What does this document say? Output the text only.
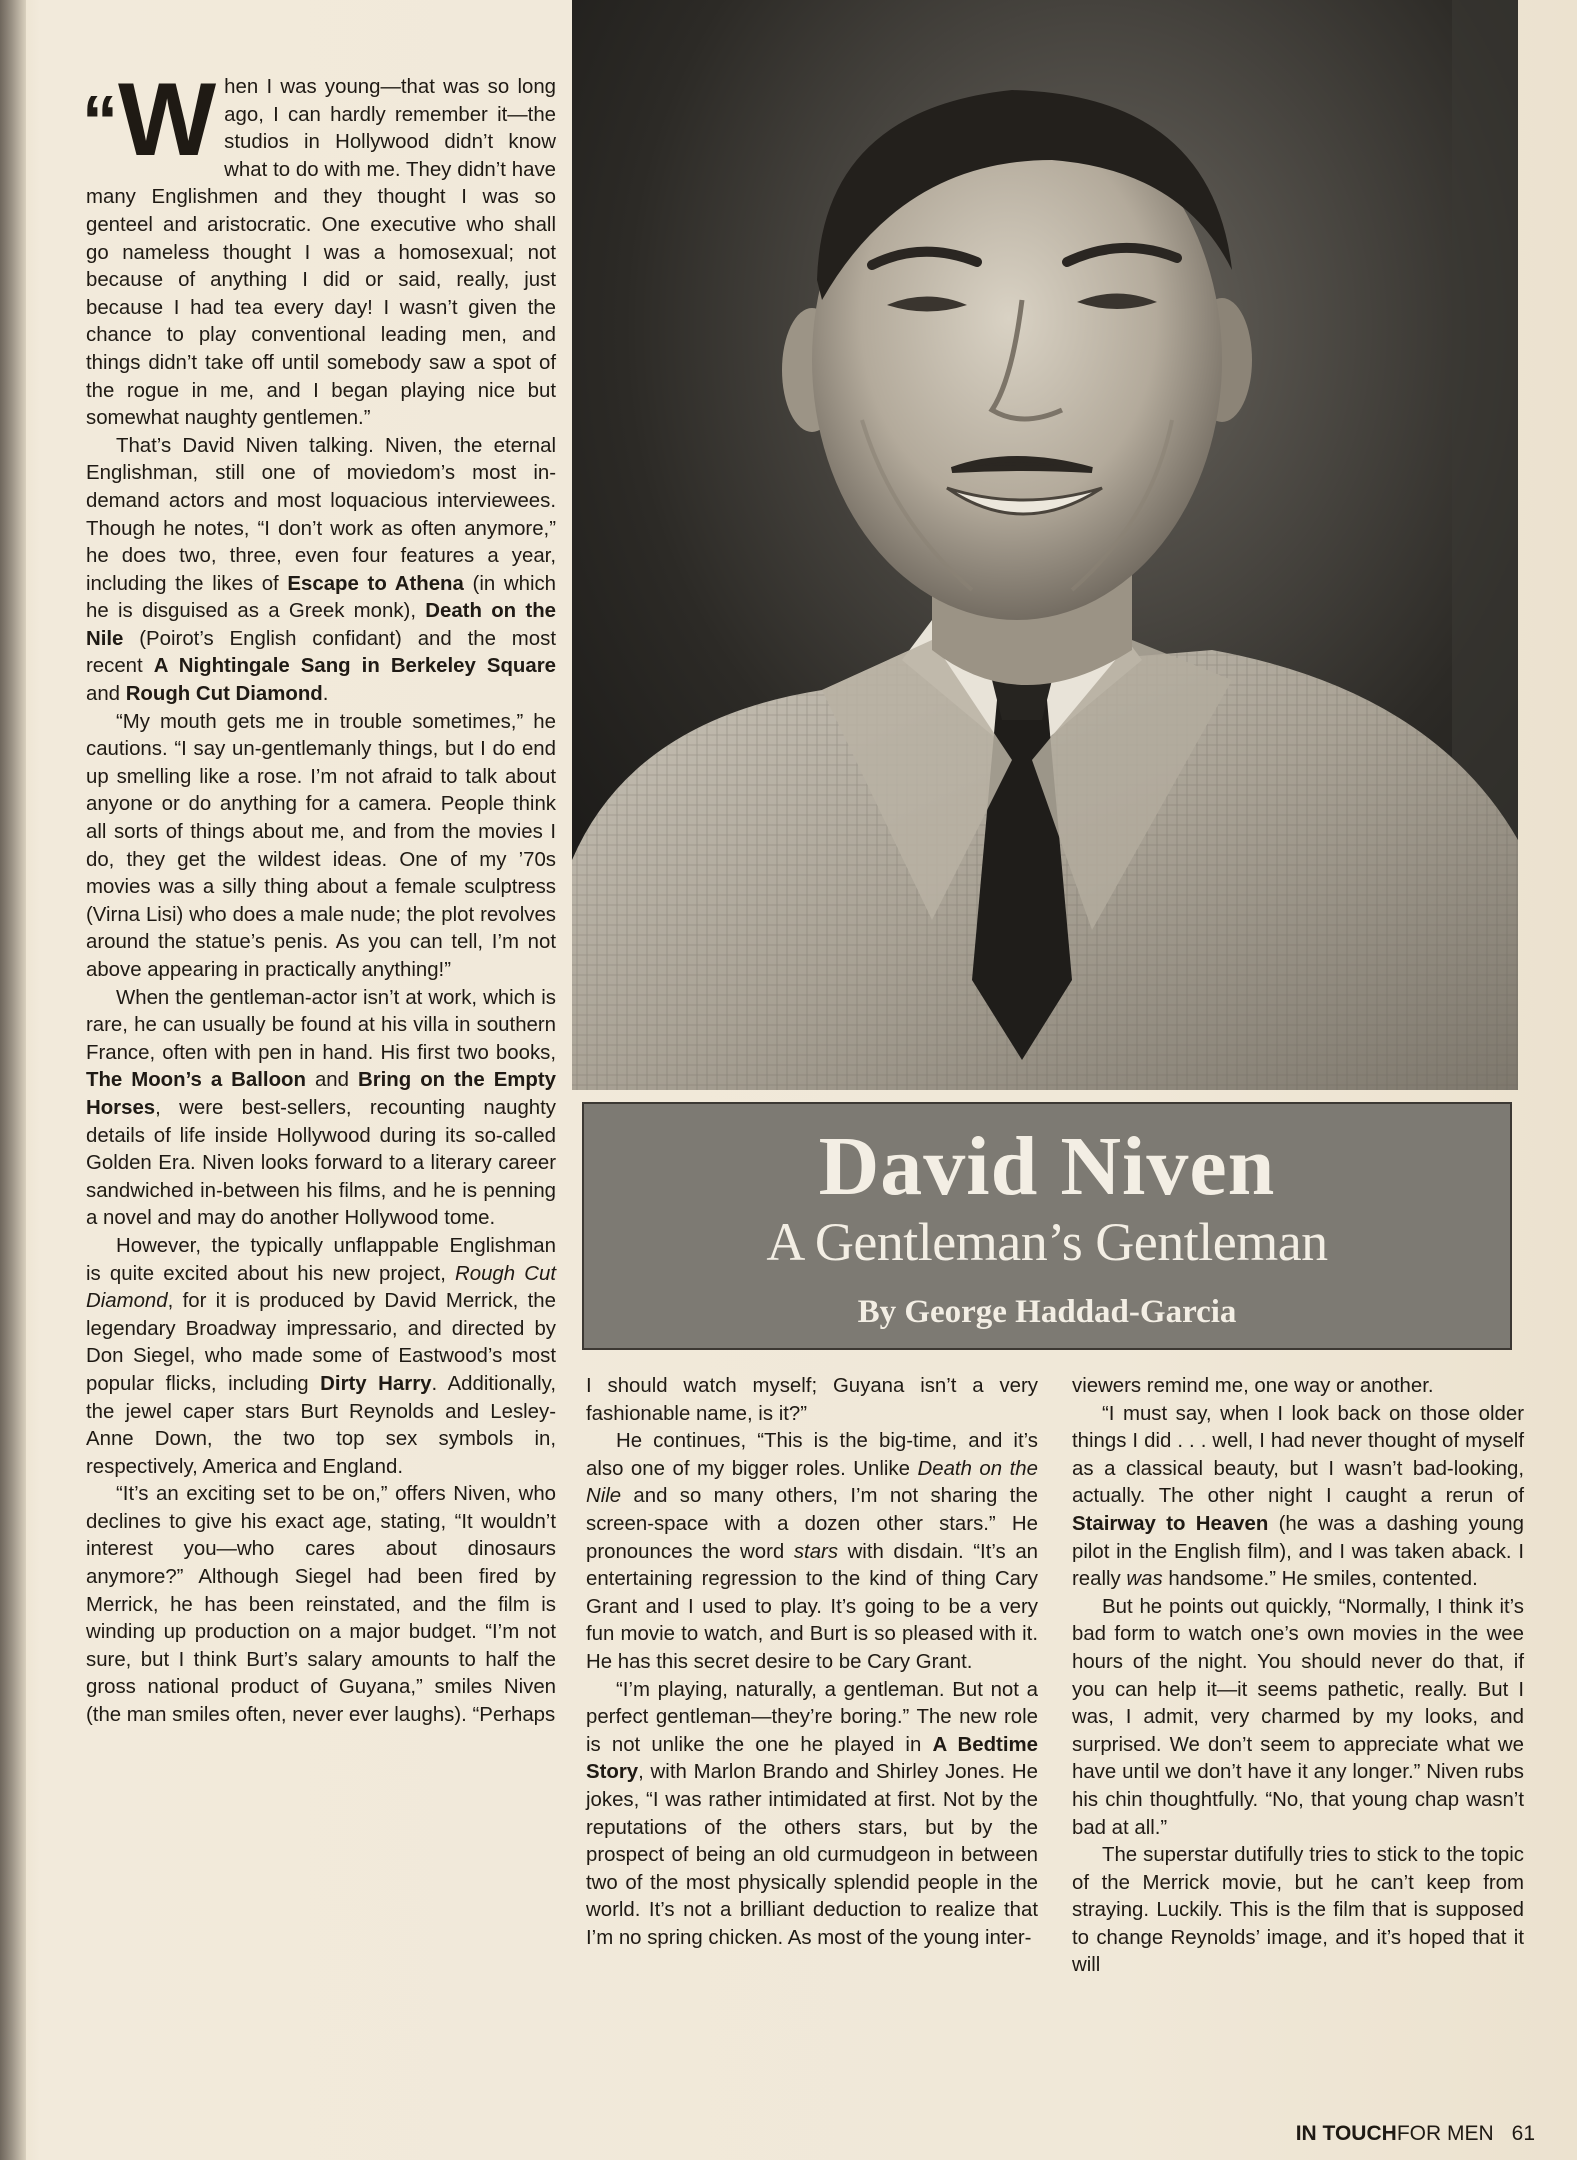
“W hen I was young—that was so long ago, I can hardly remember it—the studios in Hollywood didn’t know what to do with me. They didn’t have many Englishmen and they thought I was so genteel and aristocratic. One executive who shall go nameless thought I was a homosexual; not because of anything I did or said, really, just because I had tea every day! I wasn’t given the chance to play conventional leading men, and things didn’t take off until somebody saw a spot of the rogue in me, and I began playing nice but somewhat naughty gentlemen.”

That’s David Niven talking. Niven, the eternal Englishman, still one of moviedom’s most in-demand actors and most loquacious interviewees. Though he notes, “I don’t work as often anymore,” he does two, three, even four features a year, including the likes of Escape to Athena (in which he is disguised as a Greek monk), Death on the Nile (Poirot’s English confidant) and the most recent A Nightingale Sang in Berkeley Square and Rough Cut Diamond.

“My mouth gets me in trouble sometimes,” he cautions. “I say un-gentlemanly things, but I do end up smelling like a rose. I’m not afraid to talk about anyone or do anything for a camera. People think all sorts of things about me, and from the movies I do, they get the wildest ideas. One of my ’70s movies was a silly thing about a female sculptress (Virna Lisi) who does a male nude; the plot revolves around the statue’s penis. As you can tell, I’m not above appearing in practically anything!”

When the gentleman-actor isn’t at work, which is rare, he can usually be found at his villa in southern France, often with pen in hand. His first two books, The Moon’s a Balloon and Bring on the Empty Horses, were best-sellers, recounting naughty details of life inside Hollywood during its so-called Golden Era. Niven looks forward to a literary career sandwiched in-between his films, and he is penning a novel and may do another Hollywood tome.

However, the typically unflappable Englishman is quite excited about his new project, Rough Cut Diamond, for it is produced by David Merrick, the legendary Broadway impressario, and directed by Don Siegel, who made some of Eastwood’s most popular flicks, including Dirty Harry. Additionally, the jewel caper stars Burt Reynolds and Lesley-Anne Down, the two top sex symbols in, respectively, America and England.

“It’s an exciting set to be on,” offers Niven, who declines to give his exact age, stating, “It wouldn’t interest you—who cares about dinosaurs anymore?” Although Siegel had been fired by Merrick, he has been reinstated, and the film is winding up production on a major budget. “I’m not sure, but I think Burt’s salary amounts to half the gross national product of Guyana,” smiles Niven (the man smiles often, never ever laughs). “Perhaps

David Niven
A Gentleman’s Gentleman
By George Haddad-Garcia

I should watch myself; Guyana isn’t a very fashionable name, is it?”

He continues, “This is the big-time, and it’s also one of my bigger roles. Unlike Death on the Nile and so many others, I’m not sharing the screen-space with a dozen other stars.” He pronounces the word stars with disdain. “It’s an entertaining regression to the kind of thing Cary Grant and I used to play. It’s going to be a very fun movie to watch, and Burt is so pleased with it. He has this secret desire to be Cary Grant.

“I’m playing, naturally, a gentleman. But not a perfect gentleman—they’re boring.” The new role is not unlike the one he played in A Bedtime Story, with Marlon Brando and Shirley Jones. He jokes, “I was rather intimidated at first. Not by the reputations of the others stars, but by the prospect of being an old curmudgeon in between two of the most physically splendid people in the world. It’s not a brilliant deduction to realize that I’m no spring chicken. As most of the young inter-

viewers remind me, one way or another.

“I must say, when I look back on those older things I did . . . well, I had never thought of myself as a classical beauty, but I wasn’t bad-looking, actually. The other night I caught a rerun of Stairway to Heaven (he was a dashing young pilot in the English film), and I was taken aback. I really was handsome.” He smiles, contented.

But he points out quickly, “Normally, I think it’s bad form to watch one’s own movies in the wee hours of the night. You should never do that, if you can help it—it seems pathetic, really. But I was, I admit, very charmed by my looks, and surprised. We don’t seem to appreciate what we have until we don’t have it any longer.” Niven rubs his chin thoughtfully. “No, that young chap wasn’t bad at all.”

The superstar dutifully tries to stick to the topic of the Merrick movie, but he can’t keep from straying. Luckily. This is the film that is supposed to change Reynolds’ image, and it’s hoped that it will

IN TOUCHFOR MEN 61
